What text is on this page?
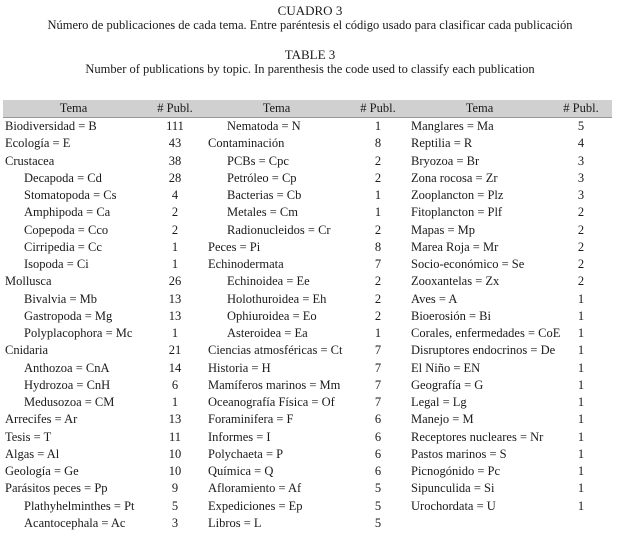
CUADRO 3
Número de publicaciones de cada tema. Entre paréntesis el código usado para clasificar cada publicación
TABLE 3
Number of publications by topic. In parenthesis the code used to classify each publication
Tema	# Publ.	Tema	# Publ.	Tema	# Publ.
Biodiversidad = B	111	Nematoda = N	1	Manglares = Ma	5
Ecología = E	43	Contaminación	8	Reptilia = R	4
Crustacea	38	PCBs = Cpc	2	Bryozoa = Br	3
Decapoda = Cd	28	Petróleo = Cp	2	Zona rocosa = Zr	3
Stomatopoda = Cs	4	Bacterias = Cb	1	Zooplancton = Plz	3
Amphipoda = Ca	2	Metales = Cm	1	Fitoplancton = Plf	2
Copepoda = Cco	2	Radionucleidos = Cr	2	Mapas = Mp	2
Cirripedia = Cc	1	Peces = Pi	8	Marea Roja = Mr	2
Isopoda = Ci	1	Echinodermata	7	Socio-económico = Se	2
Mollusca	26	Echinoidea = Ee	2	Zooxantelas = Zx	2
Bivalvia = Mb	13	Holothuroidea = Eh	2	Aves = A	1
Gastropoda = Mg	13	Ophiuroidea = Eo	2	Bioerosión = Bi	1
Polyplacophora = Mc	1	Asteroidea = Ea	1	Corales, enfermedades = CoE	1
Cnidaria	21	Ciencias atmosféricas = Ct	7	Disruptores endocrinos = De	1
Anthozoa = CnA	14	Historia = H	7	El Niño = EN	1
Hydrozoa = CnH	6	Mamíferos marinos = Mm	7	Geografía = G	1
Medusozoa = CM	1	Oceanografía Física = Of	7	Legal = Lg	1
Arrecifes = Ar	13	Foraminifera = F	6	Manejo = M	1
Tesis = T	11	Informes = I	6	Receptores nucleares = Nr	1
Algas = Al	10	Polychaeta = P	6	Pastos marinos = S	1
Geología = Ge	10	Química = Q	6	Picnogónido = Pc	1
Parásitos peces = Pp	9	Afloramiento = Af	5	Sipunculida = Si	1
Plathyhelminthes = Pt	5	Expediciones = Ep	5	Urochordata = U	1
Acantocephala = Ac	3	Libros = L	5		
